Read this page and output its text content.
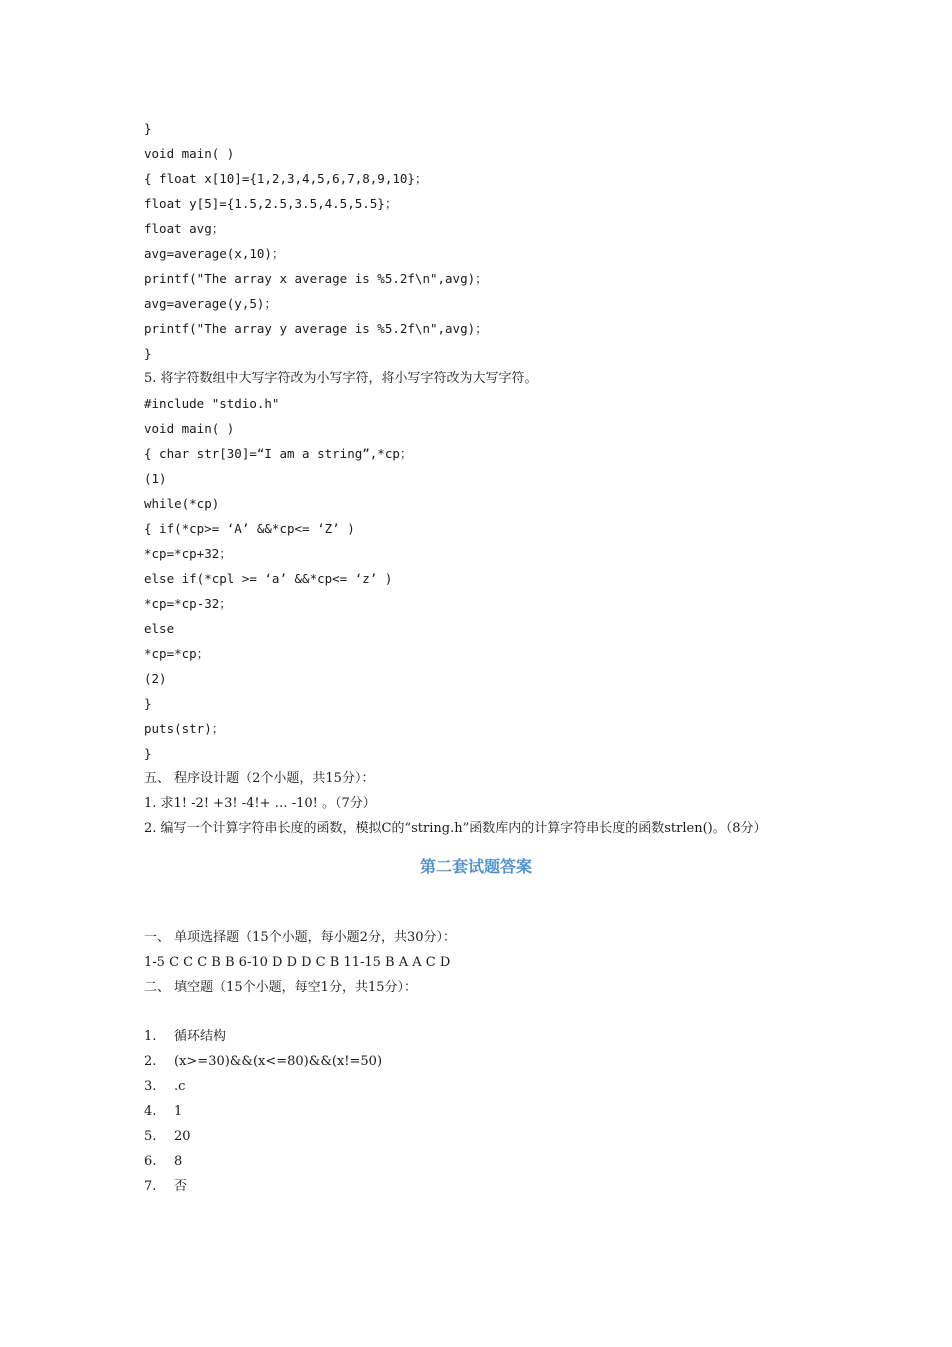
}
void main( )
{ float x[10]={1,2,3,4,5,6,7,8,9,10}；
float y[5]={1.5,2.5,3.5,4.5,5.5}；
float avg；
avg=average(x,10)；
printf("The array x average is %5.2f\n",avg)；
avg=average(y,5)；
printf("The array y average is %5.2f\n",avg)；
}
5. 将字符数组中大写字符改为小写字符，将小写字符改为大写字符。
#include "stdio.h"
void main( )
{ char str[30]=“I am a string”,*cp；
(1)
while(*cp)
{ if(*cp>= ‘A’ &&*cp<= ‘Z’ )
*cp=*cp+32；
else if(*cpl >= ‘a’ &&*cp<= ‘z’ )
*cp=*cp-32；
else
*cp=*cp；
(2)
}
puts(str)；
}
五、 程序设计题（2个小题，共15分）：
1. 求1! -2! +3! -4!+ … -10! 。（7分）
2. 编写一个计算字符串长度的函数，模拟C的“string.h”函数库内的计算字符串长度的函数strlen()。（8分）
第二套试题答案
一、 单项选择题（15个小题，每小题2分，共30分）：
1-5 C C C B B 6-10 D D D C B 11-15 B A A C D
二、 填空题（15个小题，每空1分，共15分）：
1.	循环结构
2.	(x>=30)&&(x<=80)&&(x!=50)
3.	.c
4.	1
5.	20
6.	8
7.	否
